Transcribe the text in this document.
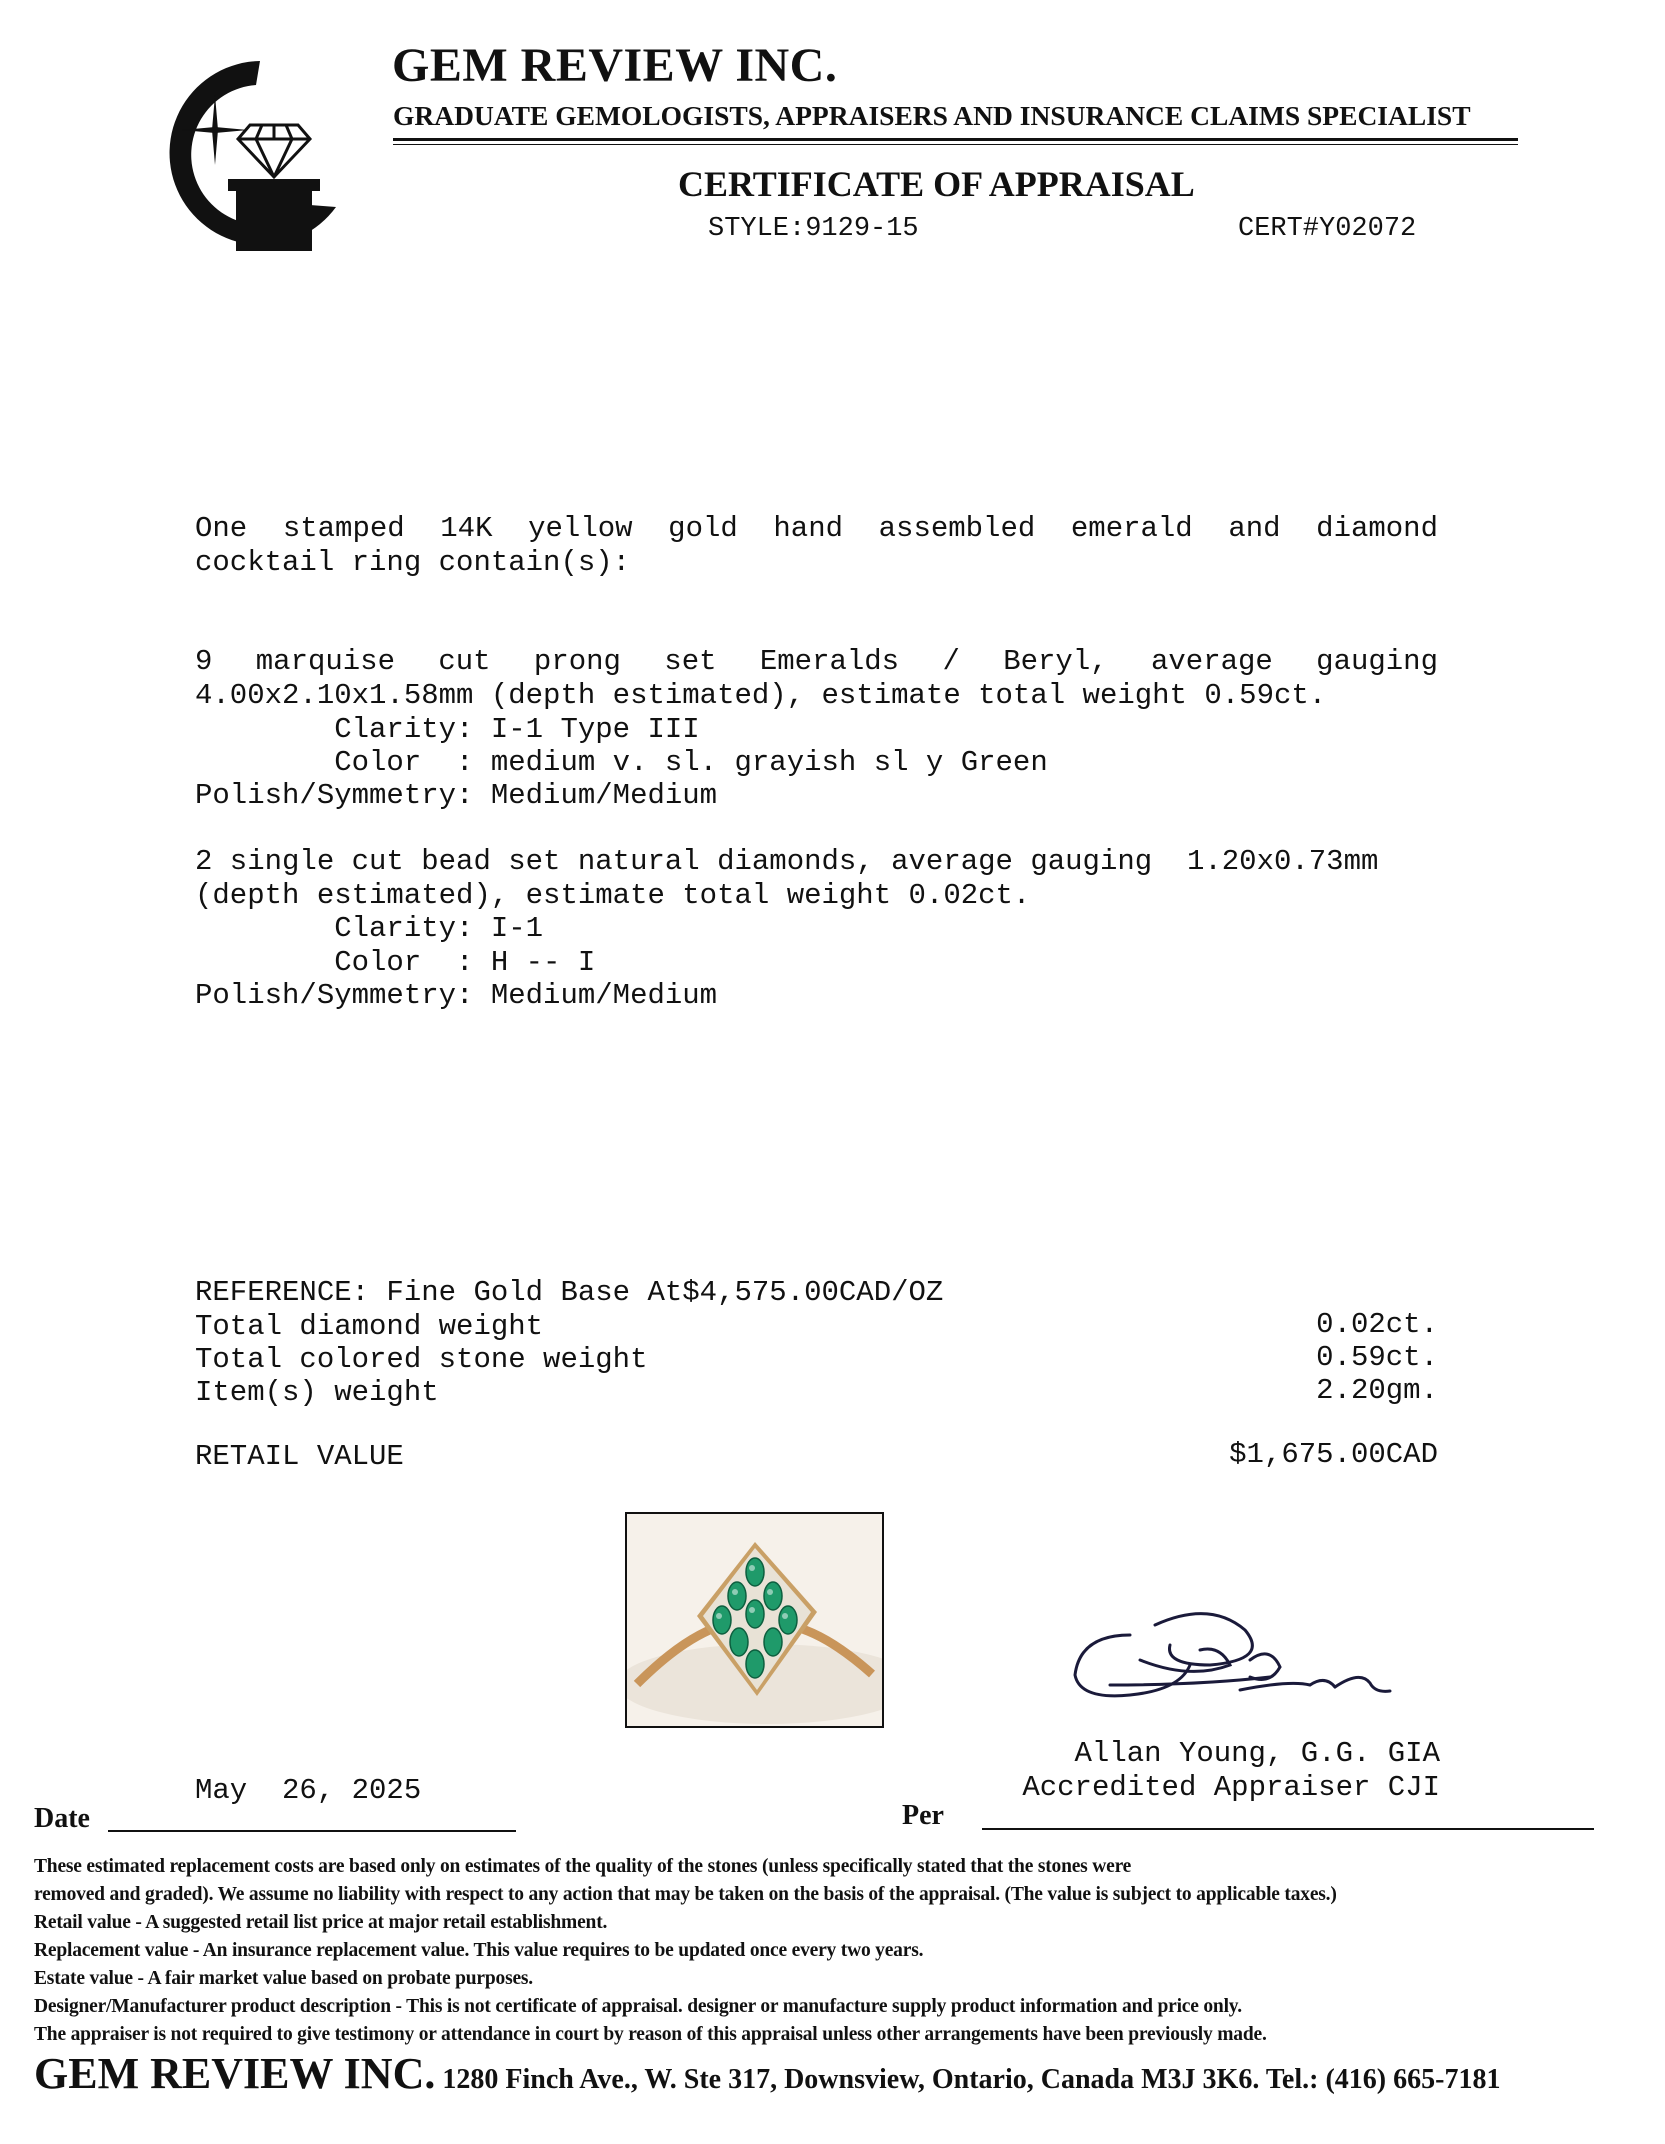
GEM REVIEW INC.
GRADUATE GEMOLOGISTS, APPRAISERS AND INSURANCE CLAIMS SPECIALIST
CERTIFICATE OF APPRAISAL
STYLE:9129-15	CERT#Y02072
One stamped 14K yellow gold hand assembled emerald and diamond
cocktail ring contain(s):
9 marquise cut prong set Emeralds / Beryl, average gauging
4.00x2.10x1.58mm (depth estimated), estimate total weight 0.59ct.
Clarity: I-1 Type III
Color  : medium v. sl. grayish sl y Green
Polish/Symmetry: Medium/Medium
2 single cut bead set natural diamonds, average gauging  1.20x0.73mm
(depth estimated), estimate total weight 0.02ct.
Clarity: I-1
Color  : H -- I
Polish/Symmetry: Medium/Medium
REFERENCE: Fine Gold Base At$4,575.00CAD/OZ
Total diamond weight	0.02ct.
Total colored stone weight	0.59ct.
Item(s) weight	2.20gm.
RETAIL VALUE	$1,675.00CAD
Allan Young, G.G. GIA
Accredited Appraiser CJI
May  26, 2025
Date	Per
These estimated replacement costs are based only on estimates of the quality of the stones (unless specifically stated that the stones were
removed and graded). We assume no liability with respect to any action that may be taken on the basis of the appraisal. (The value is subject to applicable taxes.)
Retail value - A suggested retail list price at major retail establishment.
Replacement value - An insurance replacement value. This value requires to be updated once every two years.
Estate value - A fair market value based on probate purposes.
Designer/Manufacturer product description - This is not certificate of appraisal. designer or manufacture supply product information and price only.
The appraiser is not required to give testimony or attendance in court by reason of this appraisal unless other arrangements have been previously made.
GEM REVIEW INC. 1280 Finch Ave., W. Ste 317, Downsview, Ontario, Canada M3J 3K6. Tel.: (416) 665-7181
